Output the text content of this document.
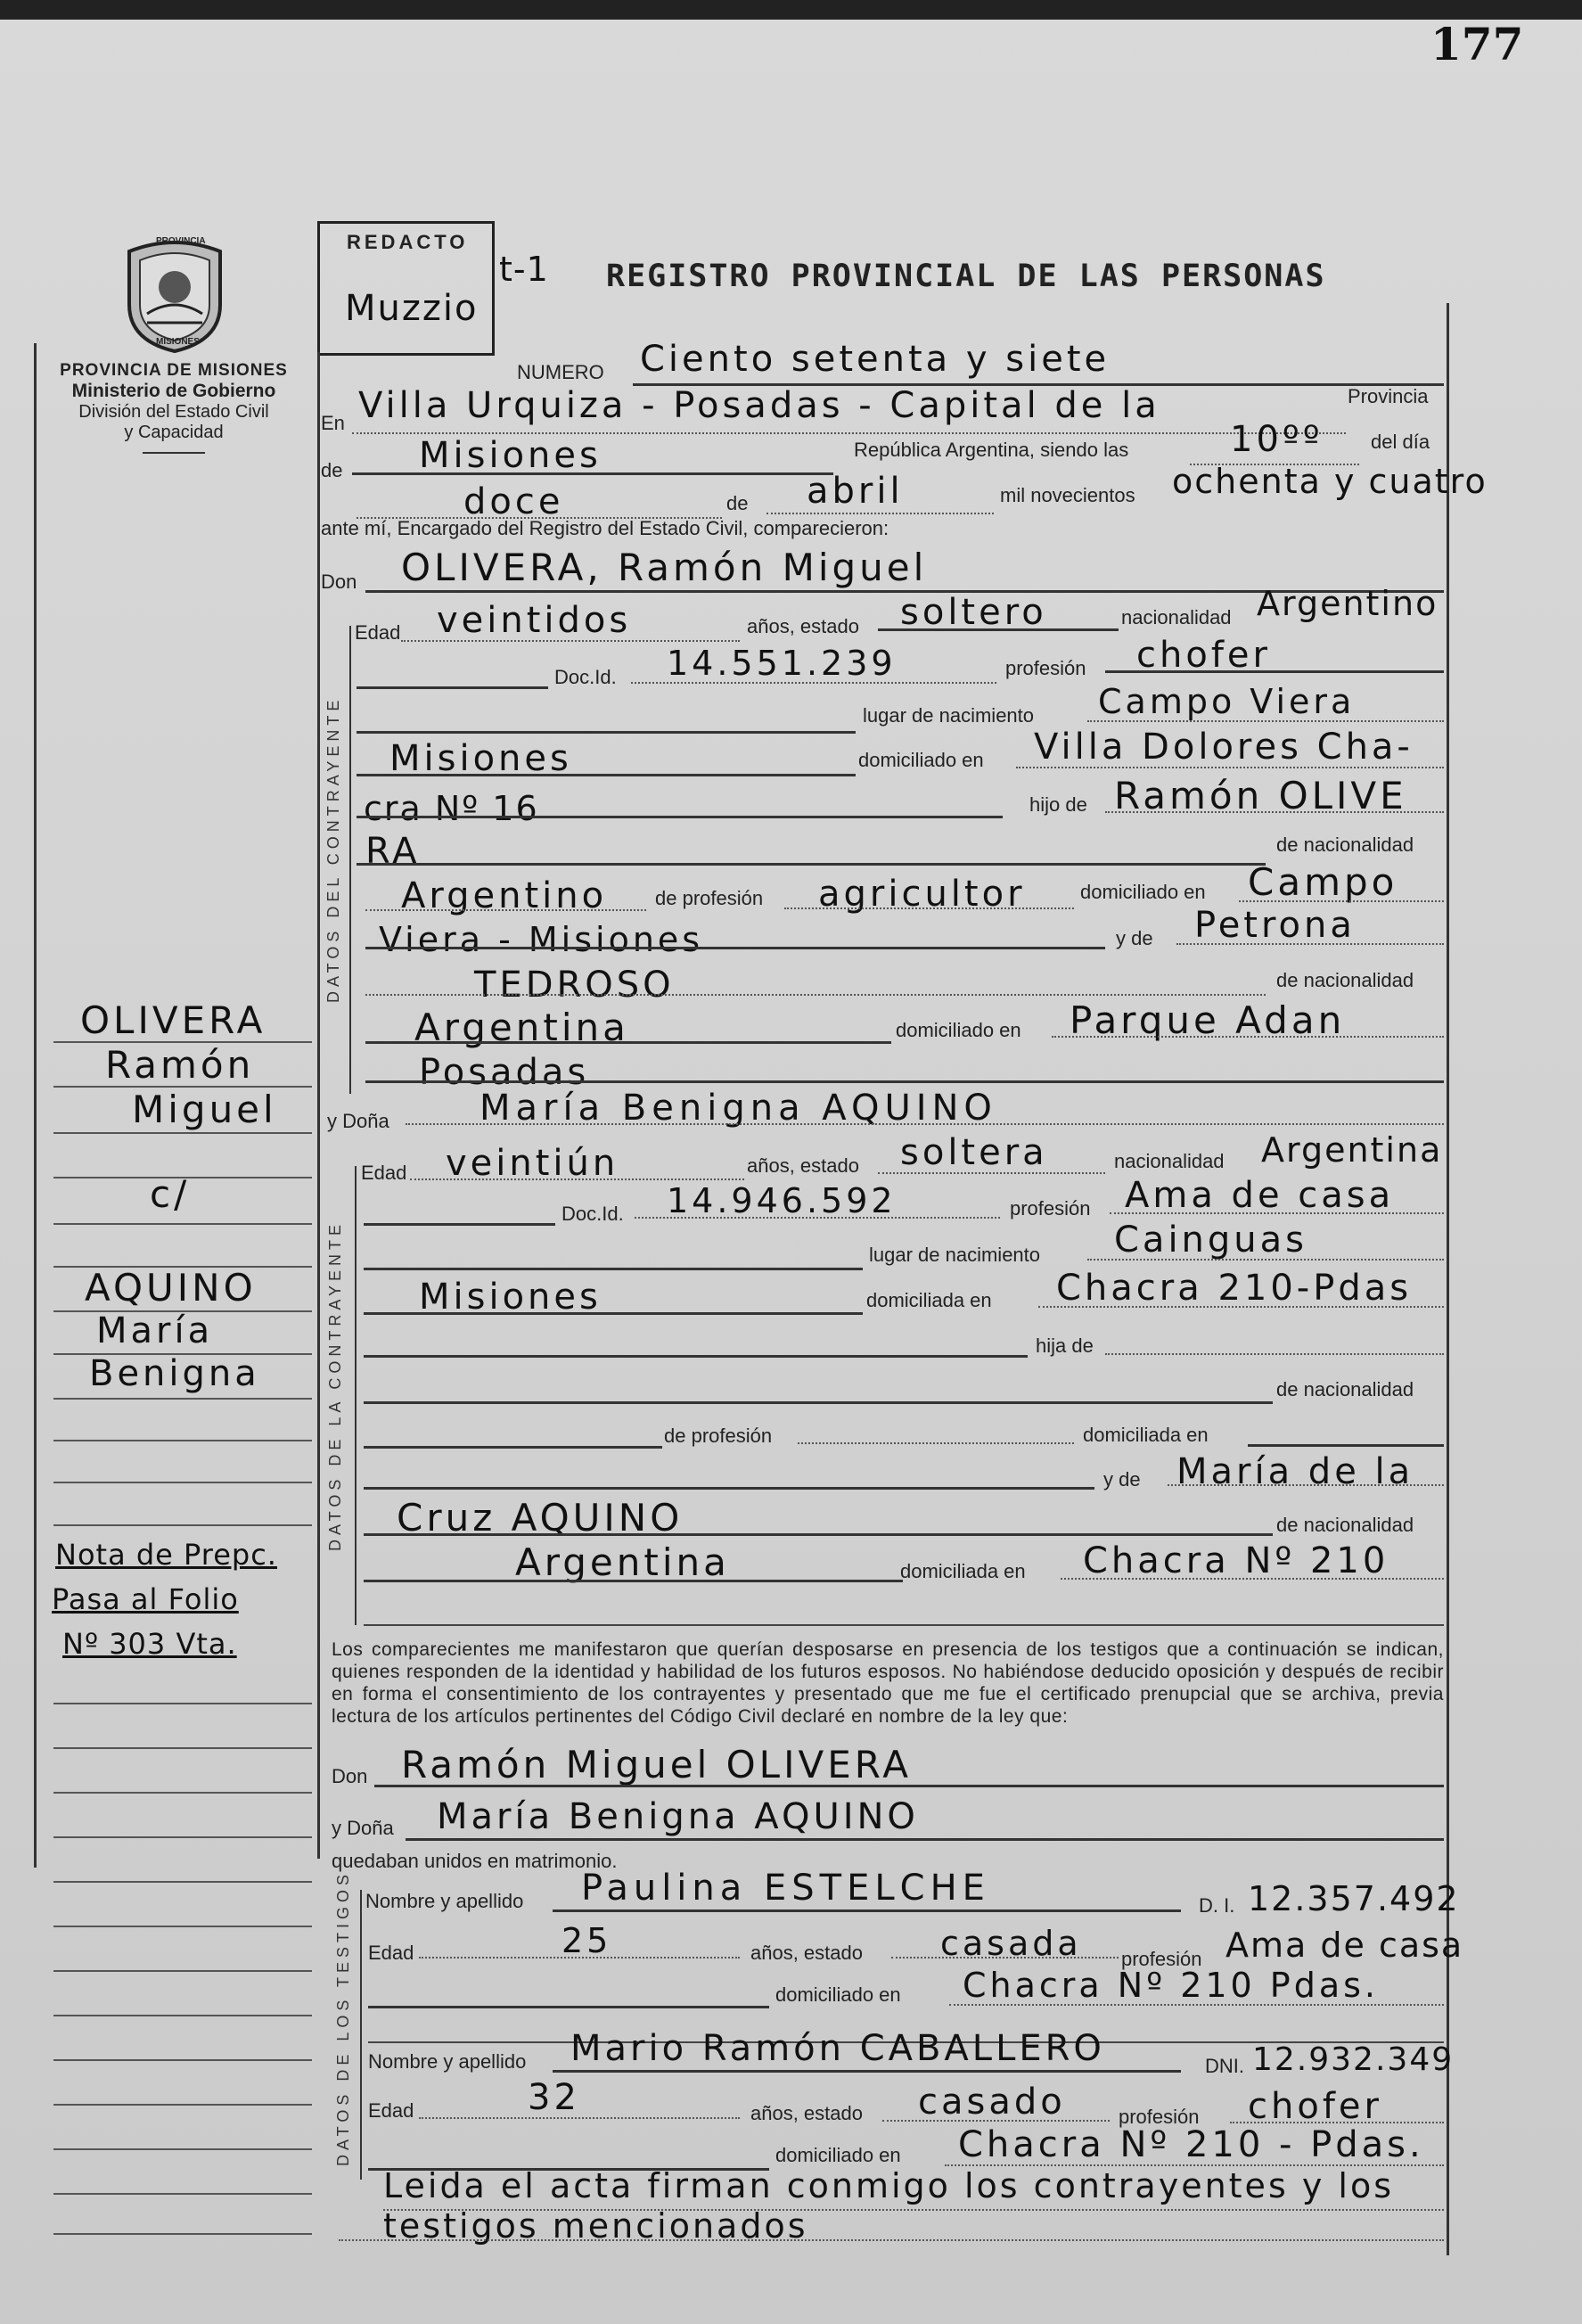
177
PROVINCIA
MISIONES
PROVINCIA DE MISIONES
Ministerio de Gobierno
División del Estado Civil
y Capacidad
REDACTO
Muzzio
t-1 REGISTRO PROVINCIAL DE LAS PERSONAS
NUMERO Ciento setenta y siete
En Villa Urquiza - Posadas - Capital de la	Provincia
de Misiones	República Argentina, siendo las	10ºº del día
doce	de abril	mil novecientos ochenta y cuatro
ante mí, Encargado del Registro del Estado Civil, comparecieron:
Don OLIVERA, Ramón Miguel
DATOS DEL CONTRAYENTE
Edad veintidos	años, estado soltero	nacionalidad Argentino
Doc.Id. 14.551.239	profesión chofer
lugar de nacimiento Campo Viera
Misiones	domiciliado en Villa Dolores Cha-
cra Nº 16	hijo de Ramón OLIVE
RA	de nacionalidad
Argentino de profesión agricultor	domiciliado en Campo
Viera - Misiones	y de Petrona
TEDROSO	de nacionalidad
Argentina	domiciliado en Parque Adan
Posadas
y Doña	María Benigna AQUINO
DATOS DE LA CONTRAYENTE
Edad veintiún	años, estado soltera	nacionalidad Argentina
Doc.Id. 14.946.592	profesión Ama de casa
lugar de nacimiento Cainguas
Misiones	domiciliada en Chacra 210-Pdas
hija de
de nacionalidad
de profesión	domiciliada en
y de María de la
Cruz AQUINO	de nacionalidad
Argentina	domiciliada en Chacra Nº 210
OLIVERA
Ramón
Miguel
c/
AQUINO
María
Benigna
Nota de Prepc.
Pasa al Folio
Nº 303 Vta.	Los comparecientes me manifestaron que querían desposarse en presencia de los testigos que a continuación se indican, quienes responden de la identidad y habilidad de los futuros esposos. No habiéndose deducido oposición y después de recibir en forma el consentimiento de los contrayentes y presentado que me fue el certificado prenupcial que se archiva, previa lectura de los artículos pertinentes del Código Civil declaré en nombre de la ley que:
Don Ramón Miguel OLIVERA
y Doña María Benigna AQUINO
quedaban unidos en matrimonio.
DATOS DE LOS TESTIGOS Nombre y apellido Paulina ESTELCHE	D. I. 12.357.492
Edad	25	años, estado casada profesión Ama de casa
domiciliado en Chacra Nº 210 Pdas.
Nombre y apellido Mario Ramón CABALLERO	DNI. 12.932.349
Edad	32	años, estado casado	profesión chofer
domiciliado en Chacra Nº 210 - Pdas.
Leida el acta firman conmigo los contrayentes y los
testigos mencionados
